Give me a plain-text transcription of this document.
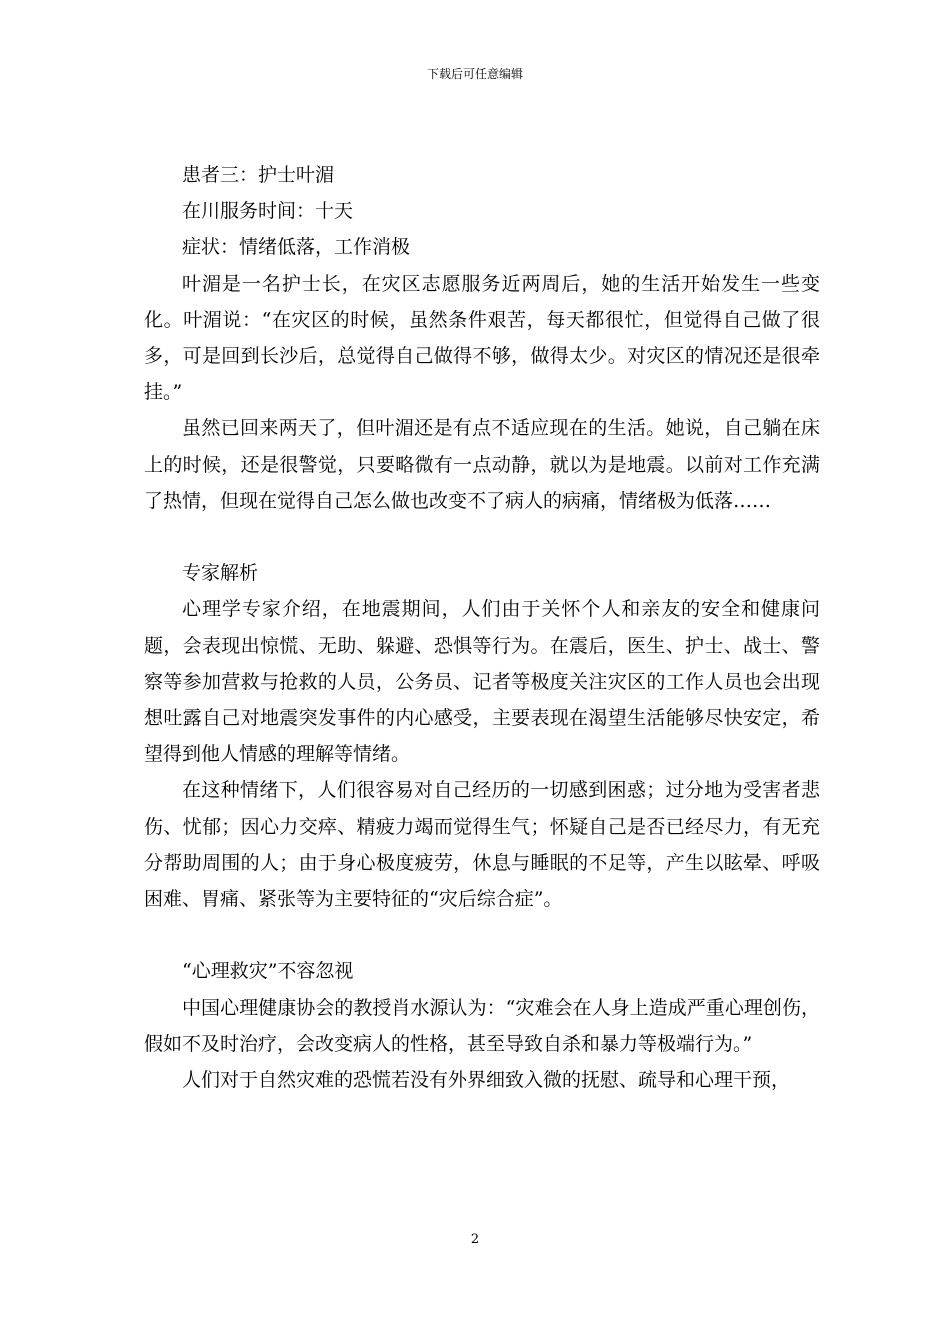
下载后可任意编辑

患者三：护士叶湄

在川服务时间：十天

症状：情绪低落，工作消极

叶湄是一名护士长，在灾区志愿服务近两周后，她的生活开始发生一些变化。叶湄说：“在灾区的时候，虽然条件艰苦，每天都很忙，但觉得自己做了很多，可是回到长沙后，总觉得自己做得不够，做得太少。对灾区的情况还是很牵挂。”

虽然已回来两天了，但叶湄还是有点不适应现在的生活。她说，自己躺在床上的时候，还是很警觉，只要略微有一点动静，就以为是地震。以前对工作充满了热情，但现在觉得自己怎么做也改变不了病人的病痛，情绪极为低落……

专家解析

心理学专家介绍，在地震期间，人们由于关怀个人和亲友的安全和健康问题，会表现出惊慌、无助、躲避、恐惧等行为。在震后，医生、护士、战士、警察等参加营救与抢救的人员，公务员、记者等极度关注灾区的工作人员也会出现想吐露自己对地震突发事件的内心感受，主要表现在渴望生活能够尽快安定，希望得到他人情感的理解等情绪。

在这种情绪下，人们很容易对自己经历的一切感到困惑；过分地为受害者悲伤、忧郁；因心力交瘁、精疲力竭而觉得生气；怀疑自己是否已经尽力，有无充分帮助周围的人；由于身心极度疲劳，休息与睡眠的不足等，产生以眩晕、呼吸困难、胃痛、紧张等为主要特征的“灾后综合症”。

“心理救灾”不容忽视

中国心理健康协会的教授肖水源认为：“灾难会在人身上造成严重心理创伤，假如不及时治疗，会改变病人的性格，甚至导致自杀和暴力等极端行为。”

人们对于自然灾难的恐慌若没有外界细致入微的抚慰、疏导和心理干预，

2
